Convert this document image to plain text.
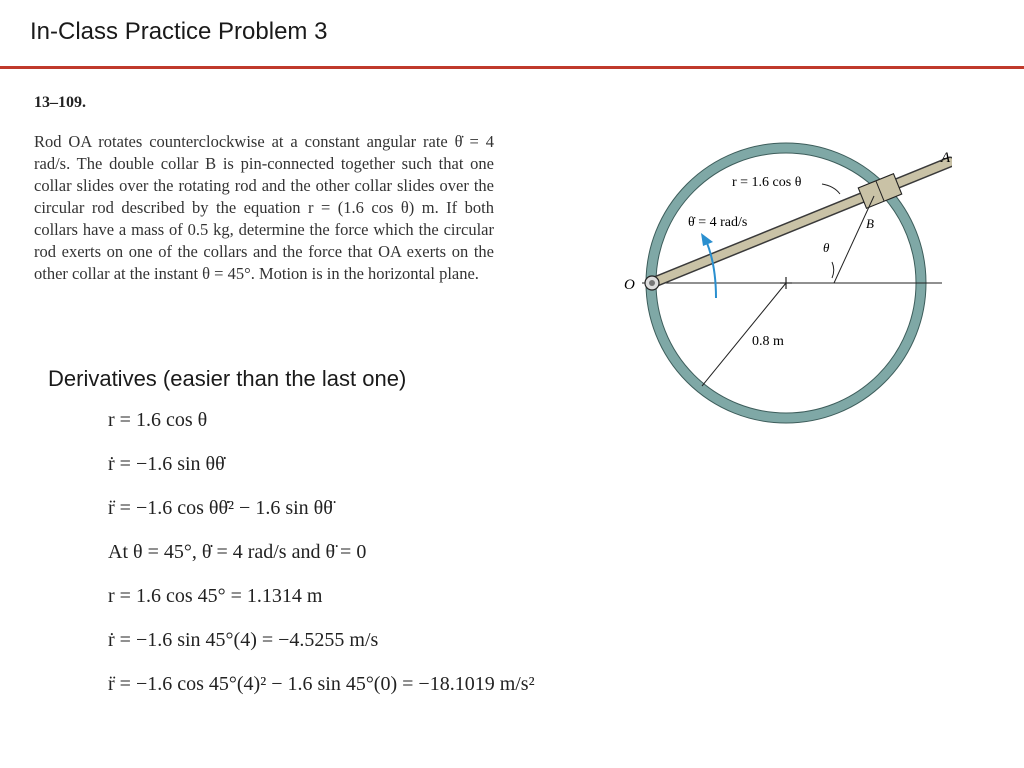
In-Class Practice Problem 3
13–109.

Rod OA rotates counterclockwise at a constant angular rate θ̇ = 4 rad/s. The double collar B is pin-connected together such that one collar slides over the rotating rod and the other collar slides over the circular rod described by the equation r = (1.6 cos θ) m. If both collars have a mass of 0.5 kg, determine the force which the circular rod exerts on one of the collars and the force that OA exerts on the other collar at the instant θ = 45°. Motion is in the horizontal plane.

A
B
O
r = 1.6 cos θ
θ̇ = 4 rad/s
θ
0.8 m
Derivatives (easier than the last one)
r = 1.6 cos θ
ṙ = −1.6 sin θθ̇
r̈ = −1.6 cos θθ̇² − 1.6 sin θθ̈
At θ = 45°, θ̇ = 4 rad/s and θ̈ = 0
r = 1.6 cos 45° = 1.1314 m
ṙ = −1.6 sin 45°(4) = −4.5255 m/s
r̈ = −1.6 cos 45°(4)² − 1.6 sin 45°(0) = −18.1019 m/s²
